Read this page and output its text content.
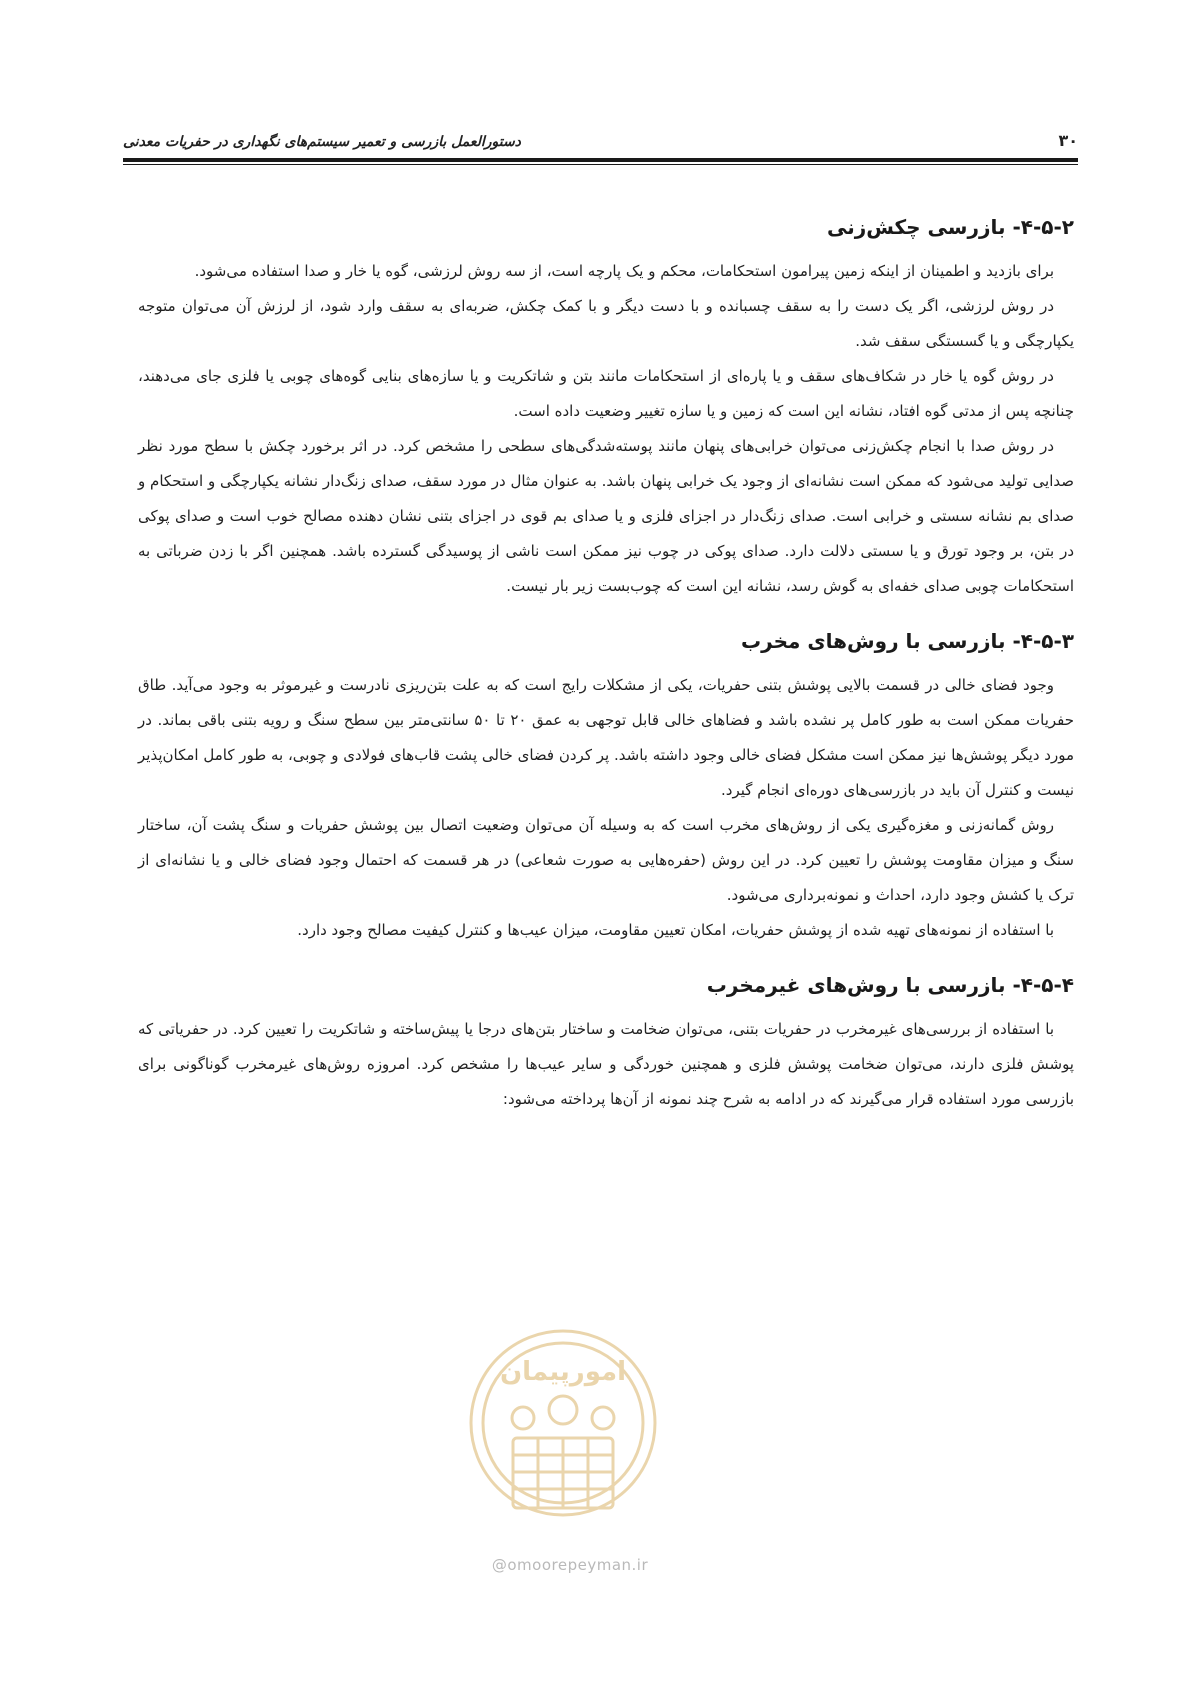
۳۰
دستورالعمل بازرسی و تعمیر سیستم‌های نگهداری در حفریات معدنی
۴-۵-۲- بازرسی چکش‌زنی

برای بازدید و اطمینان از اینکه زمین پیرامون استحکامات، محکم و یک پارچه است، از سه روش لرزشی، گوه یا خار و صدا استفاده می‌شود.

در روش لرزشی، اگر یک دست را به سقف چسبانده و با دست دیگر و با کمک چکش، ضربه‌ای به سقف وارد شود، از لرزش آن می‌توان متوجه یکپارچگی و یا گسستگی سقف شد.

در روش گوه یا خار در شکاف‌های سقف و یا پاره‌ای از استحکامات مانند بتن و شاتکریت و یا سازه‌های بنایی گوه‌های چوبی یا فلزی جای می‌دهند، چنانچه پس از مدتی گوه افتاد، نشانه این است که زمین و یا سازه تغییر وضعیت داده است.

در روش صدا با انجام چکش‌زنی می‌توان خرابی‌های پنهان مانند پوسته‌شدگی‌های سطحی را مشخص کرد. در اثر برخورد چکش با سطح مورد نظر صدایی تولید می‌شود که ممکن است نشانه‌ای از وجود یک خرابی پنهان باشد. به عنوان مثال در مورد سقف، صدای زنگ‌دار نشانه یکپارچگی و استحکام و صدای بم نشانه سستی و خرابی است. صدای زنگ‌دار در اجزای فلزی و یا صدای بم قوی در اجزای بتنی نشان دهنده مصالح خوب است و صدای پوکی در بتن، بر وجود تورق و یا سستی دلالت دارد. صدای پوکی در چوب نیز ممکن است ناشی از پوسیدگی گسترده باشد. همچنین اگر با زدن ضرباتی به استحکامات چوبی صدای خفه‌ای به گوش رسد، نشانه این است که چوب‌بست زیر بار نیست.

۴-۵-۳- بازرسی با روش‌های مخرب

وجود فضای خالی در قسمت بالایی پوشش بتنی حفریات، یکی از مشکلات رایج است که به علت بتن‌ریزی نادرست و غیرموثر به وجود می‌آید. طاق حفریات ممکن است به طور کامل پر نشده باشد و فضاهای خالی قابل توجهی به عمق ۲۰ تا ۵۰ سانتی‌متر بین سطح سنگ و رویه بتنی باقی بماند. در مورد دیگر پوشش‌ها نیز ممکن است مشکل فضای خالی وجود داشته باشد. پر کردن فضای خالی پشت قاب‌های فولادی و چوبی، به طور کامل امکان‌پذیر نیست و کنترل آن باید در بازرسی‌های دوره‌ای انجام گیرد.

روش گمانه‌زنی و مغزه‌گیری یکی از روش‌های مخرب است که به وسیله آن می‌توان وضعیت اتصال بین پوشش حفریات و سنگ پشت آن، ساختار سنگ و میزان مقاومت پوشش را تعیین کرد. در این روش (حفره‌هایی به صورت شعاعی) در هر قسمت که احتمال وجود فضای خالی و یا نشانه‌ای از ترک یا کشش وجود دارد، احداث و نمونه‌برداری می‌شود.

با استفاده از نمونه‌های تهیه شده از پوشش حفریات، امکان تعیین مقاومت، میزان عیب‌ها و کنترل کیفیت مصالح وجود دارد.

۴-۵-۴- بازرسی با روش‌های غیرمخرب

با استفاده از بررسی‌های غیرمخرب در حفریات بتنی، می‌توان ضخامت و ساختار بتن‌های درجا یا پیش‌ساخته و شاتکریت را تعیین کرد. در حفریاتی که پوشش فلزی دارند، می‌توان ضخامت پوشش فلزی و همچنین خوردگی و سایر عیب‌ها را مشخص کرد. امروزه روش‌های غیرمخرب گوناگونی برای بازرسی مورد استفاده قرار می‌گیرند که در ادامه به شرح چند نمونه از آن‌ها پرداخته می‌شود:

امورپیمان
@omoorepeyman.ir
